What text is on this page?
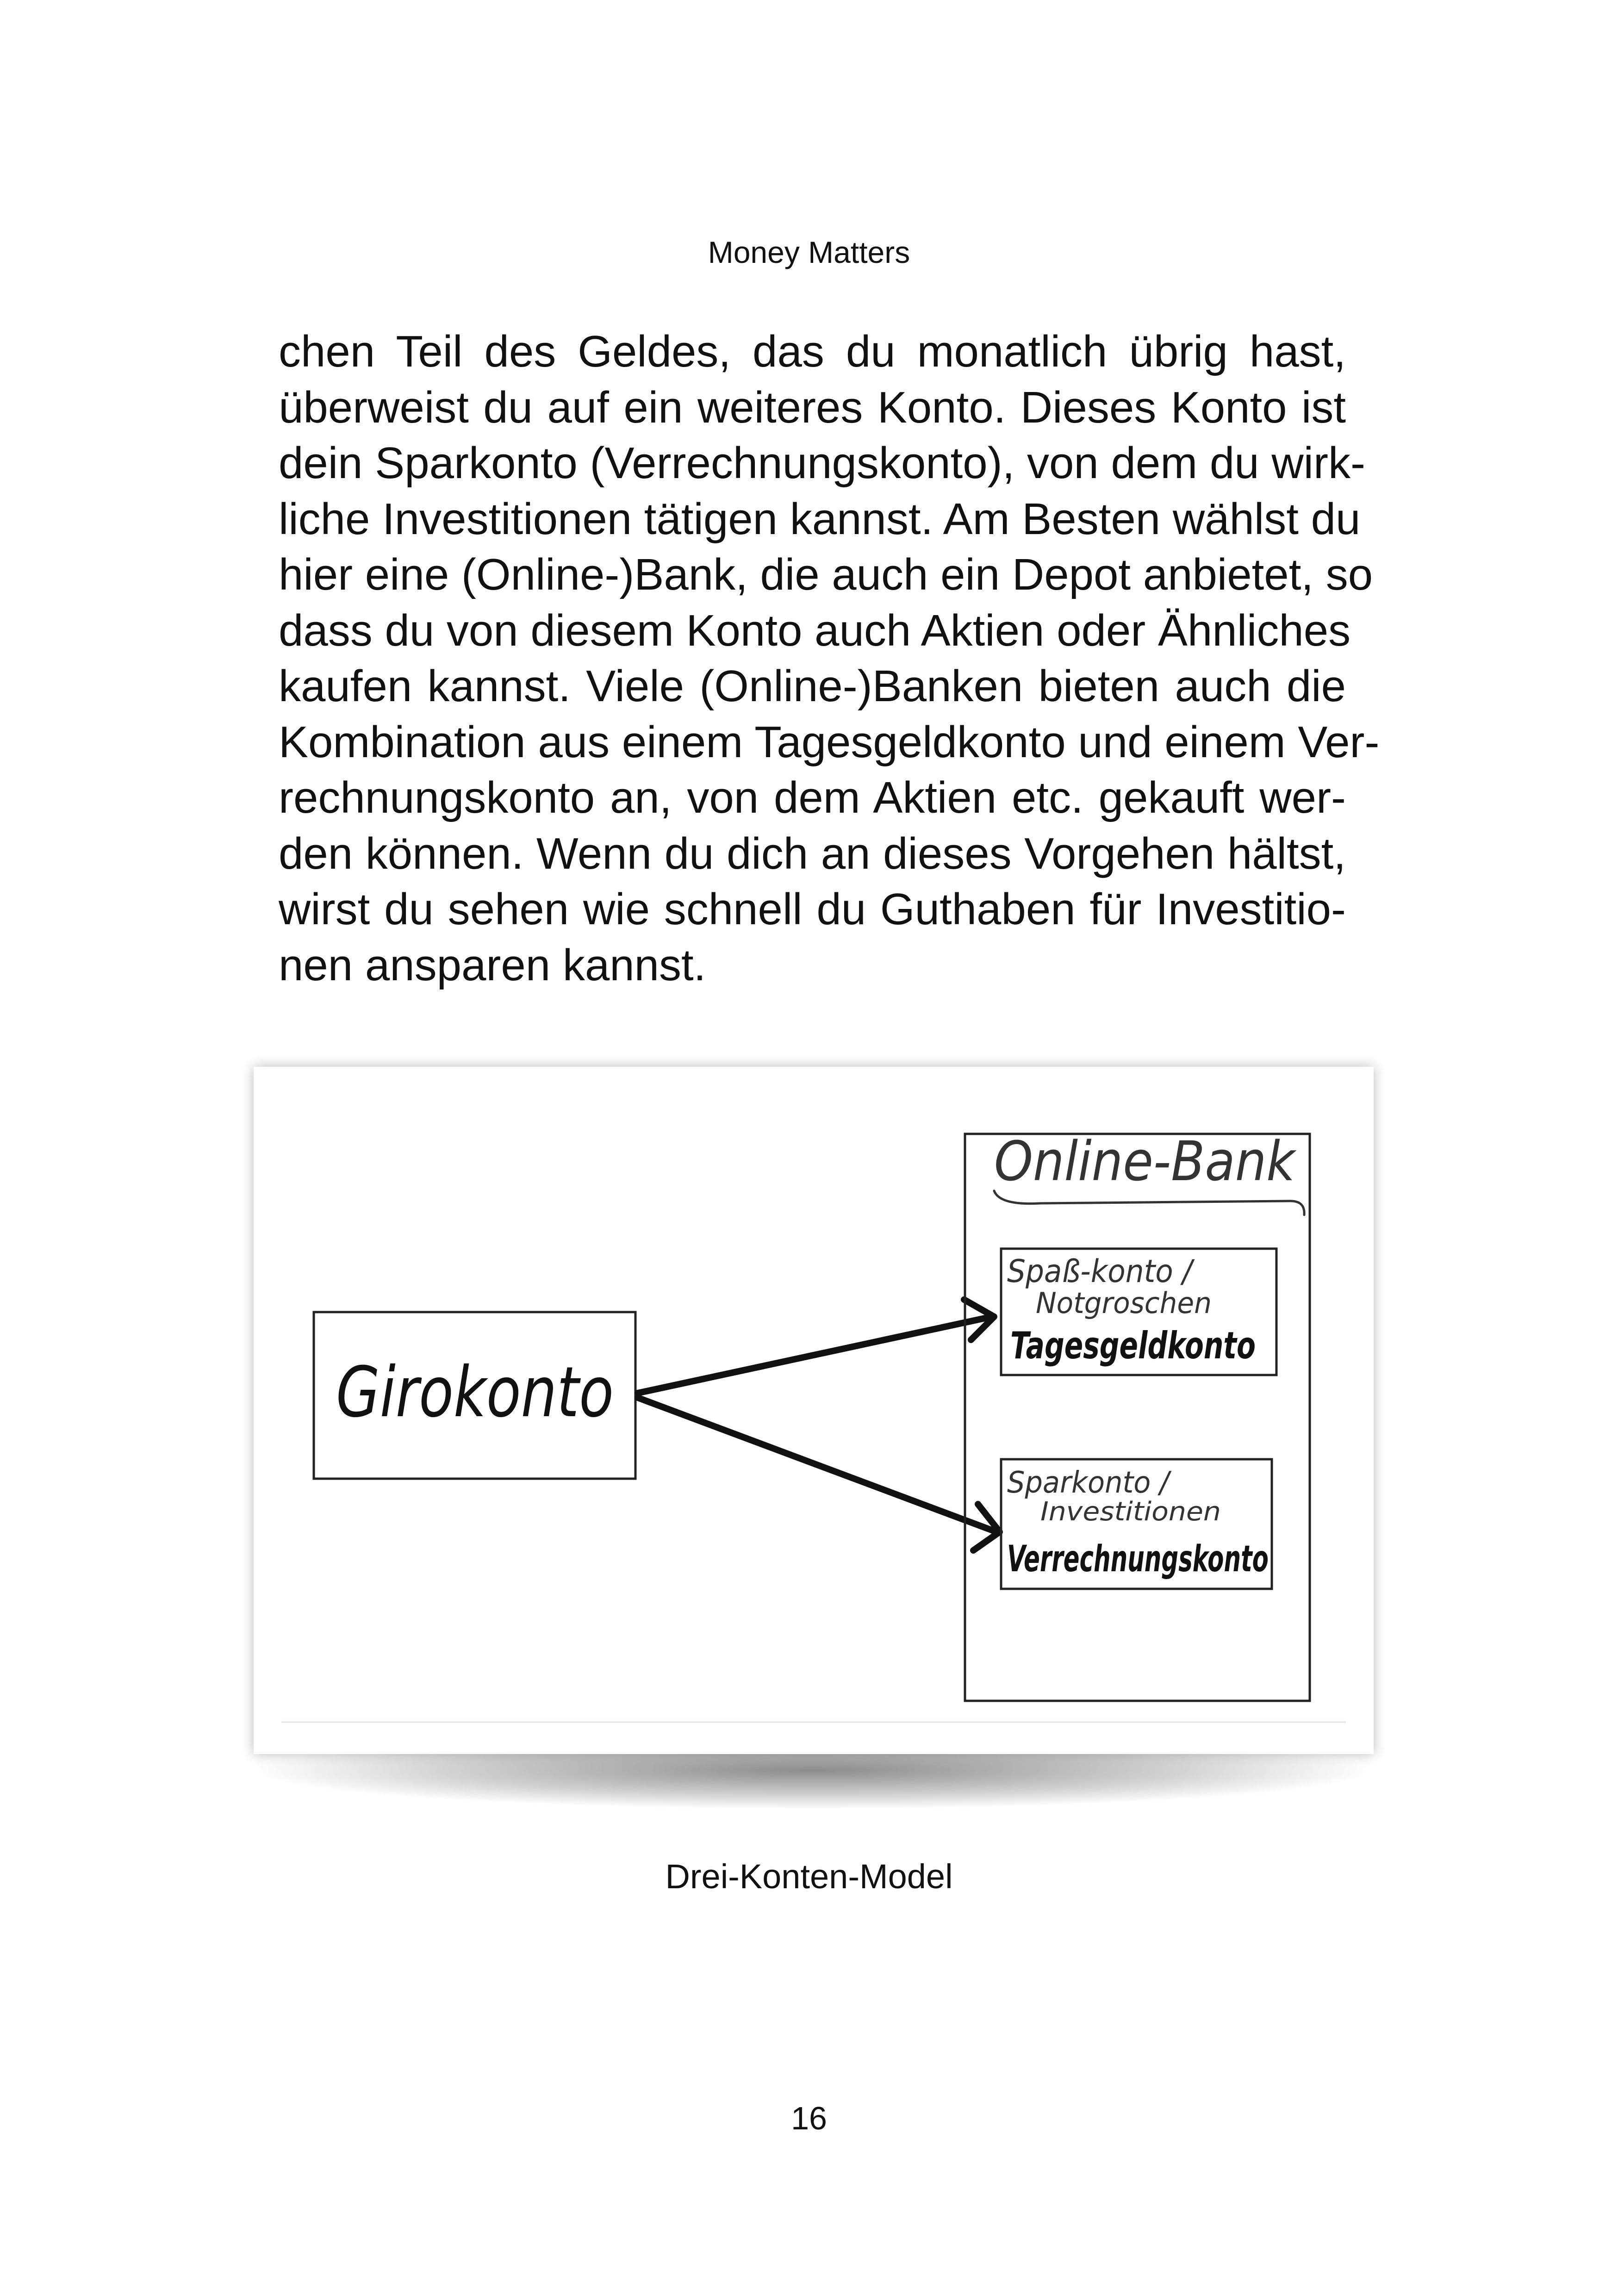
Money Matters
chen Teil des Geldes, das du monatlich übrig hast,
überweist du auf ein weiteres Konto. Dieses Konto ist
dein Sparkonto (Verrechnungskonto), von dem du wirk-
liche Investitionen tätigen kannst. Am Besten wählst du
hier eine (Online-)Bank, die auch ein Depot anbietet, so
dass du von diesem Konto auch Aktien oder Ähnliches
kaufen kannst. Viele (Online-)Banken bieten auch die
Kombination aus einem Tagesgeldkonto und einem Ver-
rechnungskonto an, von dem Aktien etc. gekauft wer-
den können. Wenn du dich an dieses Vorgehen hältst,
wirst du sehen wie schnell du Guthaben für Investitio-
nen ansparen kannst.
Girokonto
Online-Bank
Spaß-konto /
Notgroschen
Tagesgeldkonto
Sparkonto /
Investitionen
Verrechnungskonto
Drei-Konten-Model
16
